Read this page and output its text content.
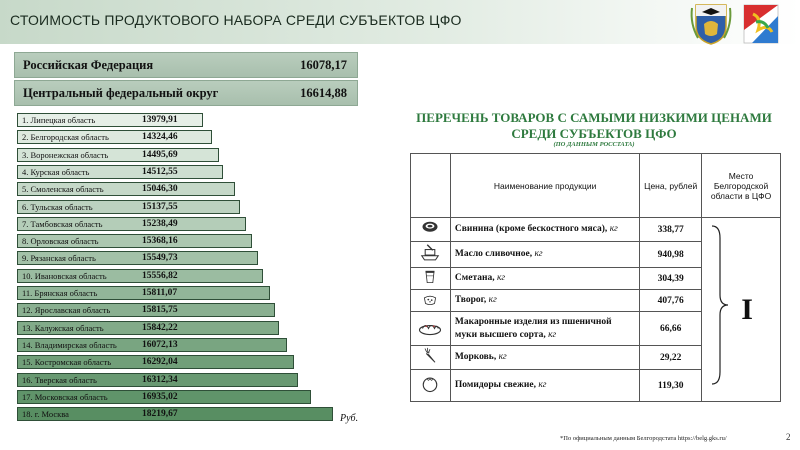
СТОИМОСТЬ ПРОДУКТОВОГО НАБОРА СРЕДИ СУБЪЕКТОВ ЦФО
Российская Федерация	16078,17
Центральный федеральный округ	16614,88
1. Липецкая область	13979,91
2. Белгородская область	14324,46
3. Воронежская область	14495,69
4. Курская область	14512,55
5. Смоленская область	15046,30
6. Тульская область	15137,55
7. Тамбовская область	15238,49
8. Орловская область	15368,16
9. Рязанская область	15549,73
10. Ивановская область	15556,82
11. Брянская область	15811,07
12. Ярославская область	15815,75
13. Калужская область	15842,22
14. Владимирская область	16072,13
15. Костромская область	16292,04
16. Тверская область	16312,34
17. Московская область	16935,02
18. г. Москва	18219,67	Руб.
ПЕРЕЧЕНЬ ТОВАРОВ С САМЫМИ НИЗКИМИ ЦЕНАМИ
СРЕДИ СУБЪЕКТОВ ЦФО
(ПО ДАННЫМ РОССТАТА)
	Наименование продукции	Цена, рублей	Место Белгородской области в ЦФО
	Свинина (кроме бескостного мяса), кг	338,77	I
	Масло сливочное, кг	940,98	
	Сметана, кг	304,39	
	Творог, кг	407,76	
	Макаронные изделия из пшеничной муки высшего сорта, кг	66,66	
	Морковь, кг	29,22	
	Помидоры свежие, кг	119,30	
*По официальным данным Белгородстата https://belg.gks.ru/	2
